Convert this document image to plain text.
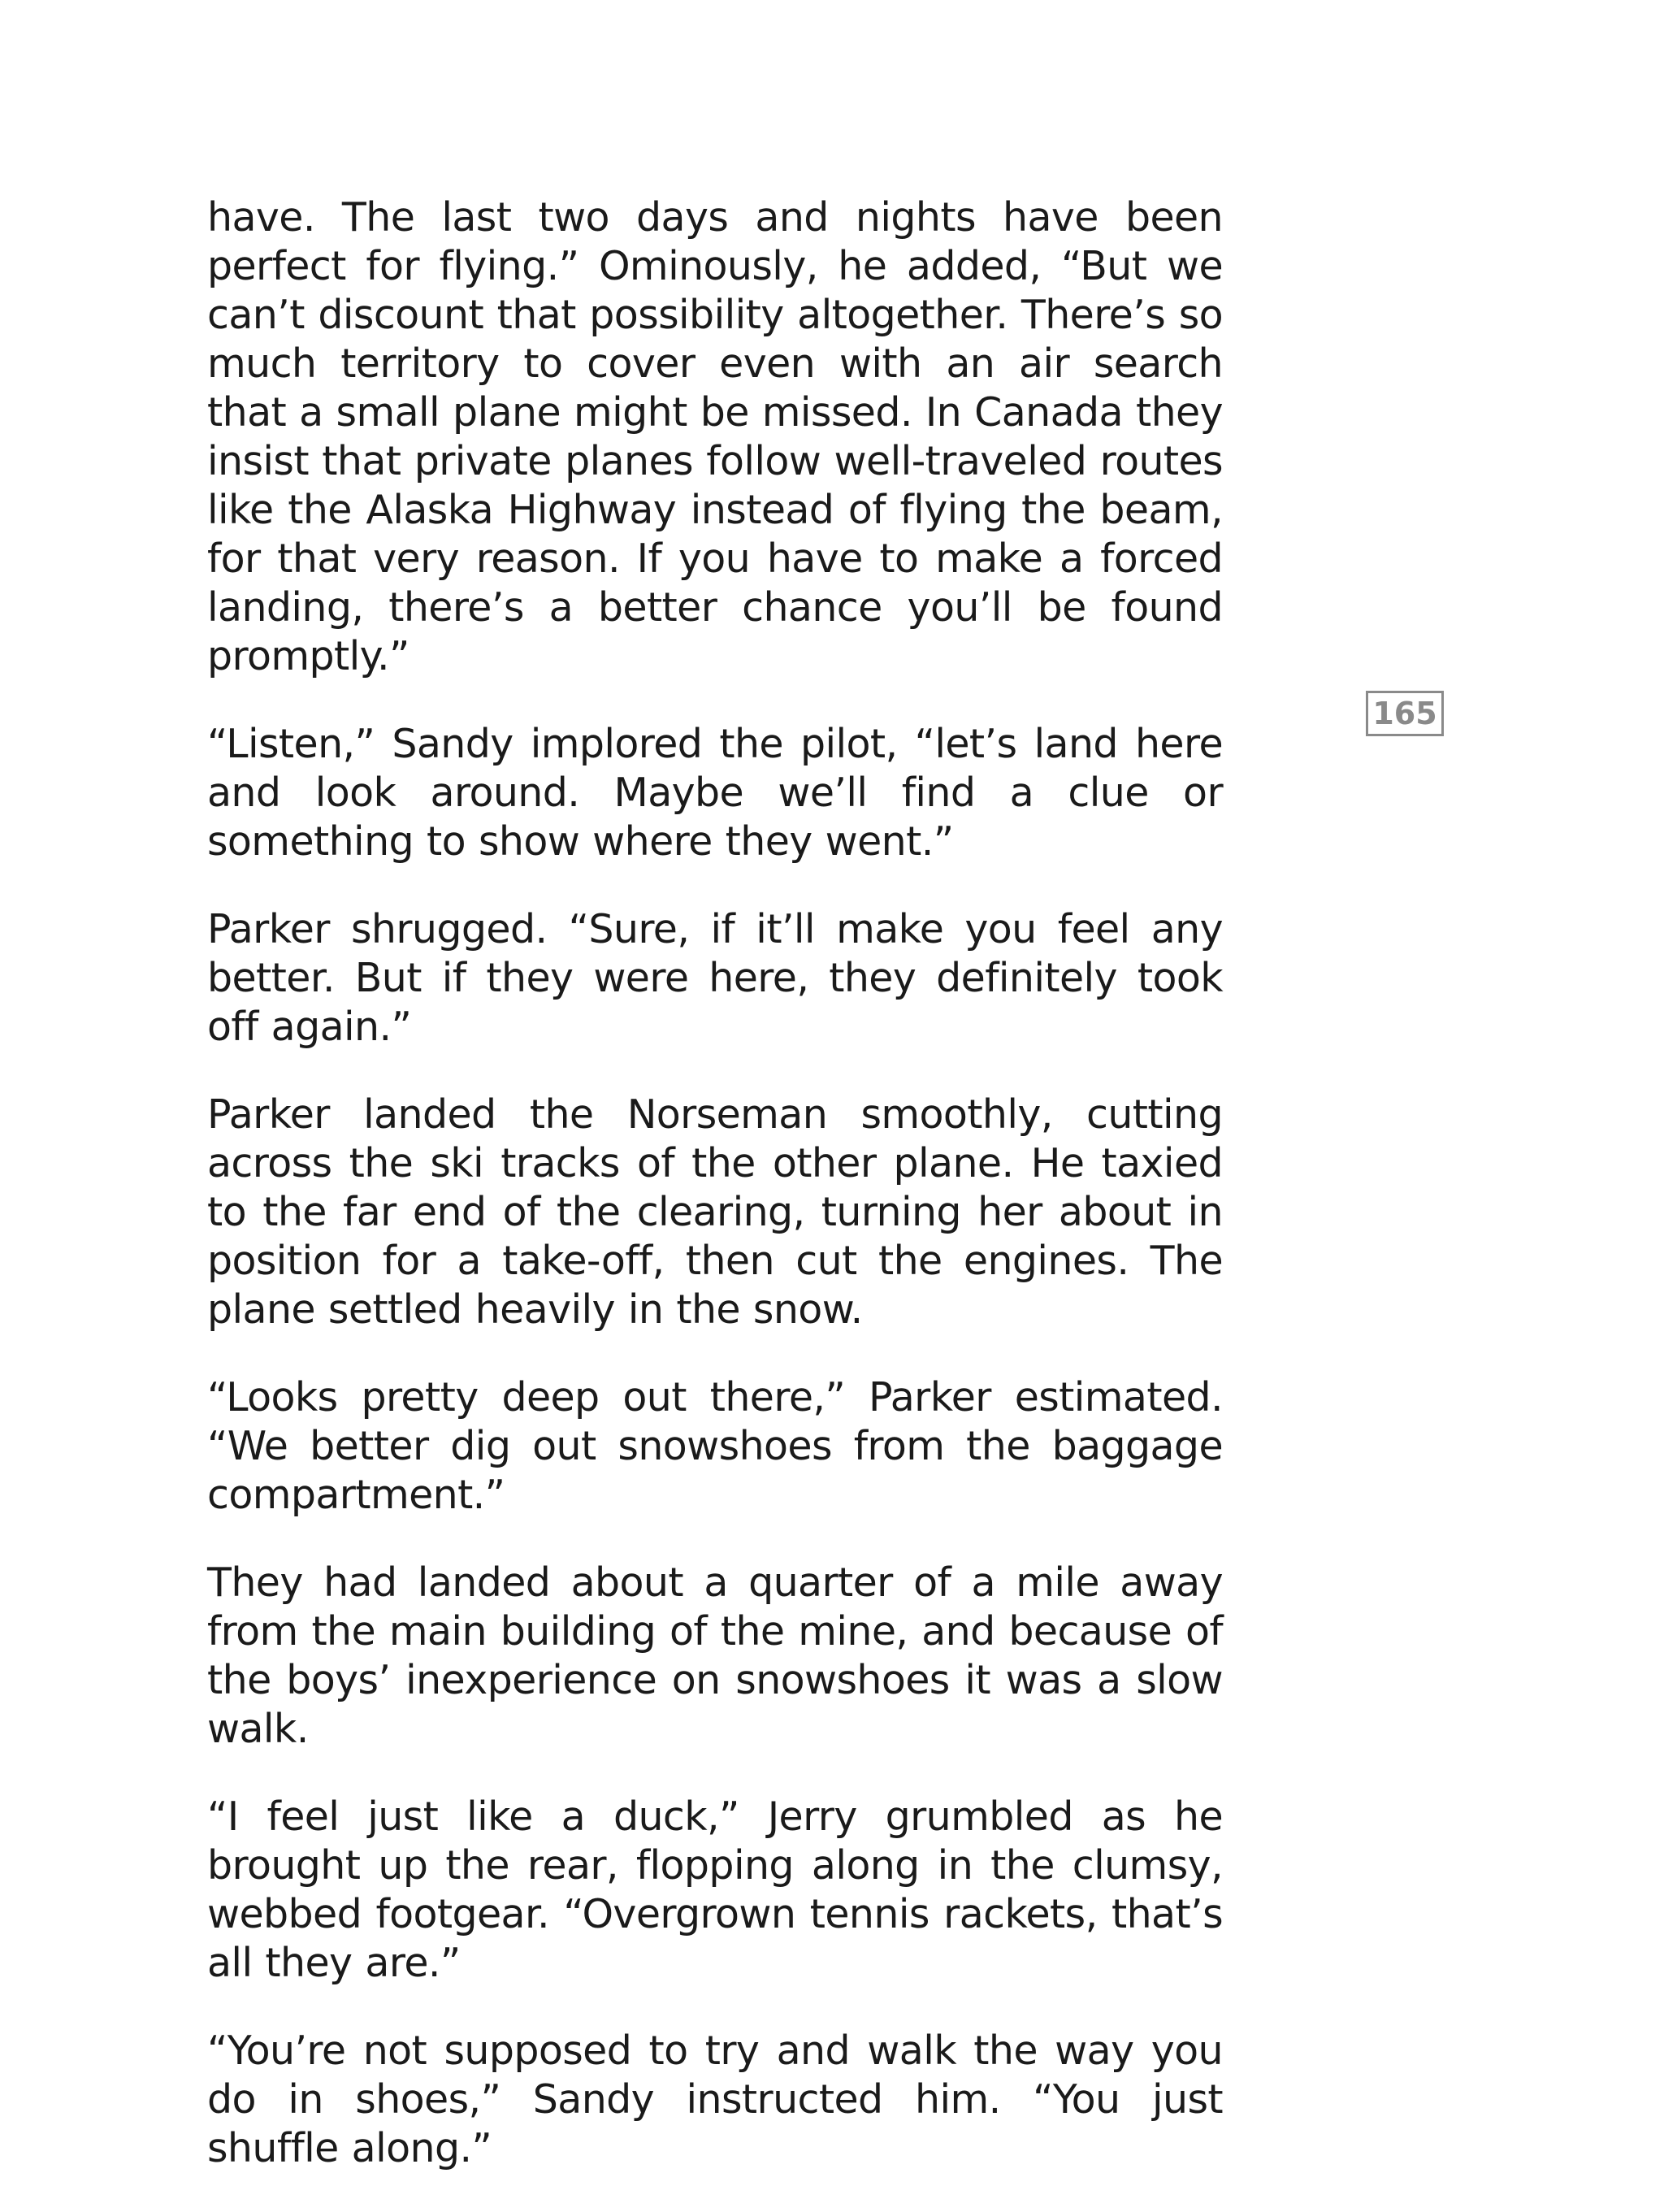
have. The last two days and nights have been perfect for flying.” Ominously, he added, “But we can’t discount that possibility altogether. There’s so much territory to cover even with an air search that a small plane might be missed. In Canada they insist that private planes follow well-traveled routes like the Alaska Highway instead of flying the beam, for that very reason. If you have to make a forced landing, there’s a better chance you’ll be found promptly.”

“Listen,” Sandy implored the pilot, “let’s land here and look around. Maybe we’ll find a clue or something to show where they went.”

Parker shrugged. “Sure, if it’ll make you feel any better. But if they were here, they definitely took off again.”

Parker landed the Norseman smoothly, cutting across the ski tracks of the other plane. He taxied to the far end of the clearing, turning her about in position for a take-off, then cut the engines. The plane settled heavily in the snow.

“Looks pretty deep out there,” Parker estimated. “We better dig out snowshoes from the baggage compartment.”

They had landed about a quarter of a mile away from the main building of the mine, and because of the boys’ inexperience on snowshoes it was a slow walk.

“I feel just like a duck,” Jerry grumbled as he brought up the rear, flopping along in the clumsy, webbed footgear. “Overgrown tennis rackets, that’s all they are.”

“You’re not supposed to try and walk the way you do in shoes,” Sandy instructed him. “You just shuffle along.”

165
